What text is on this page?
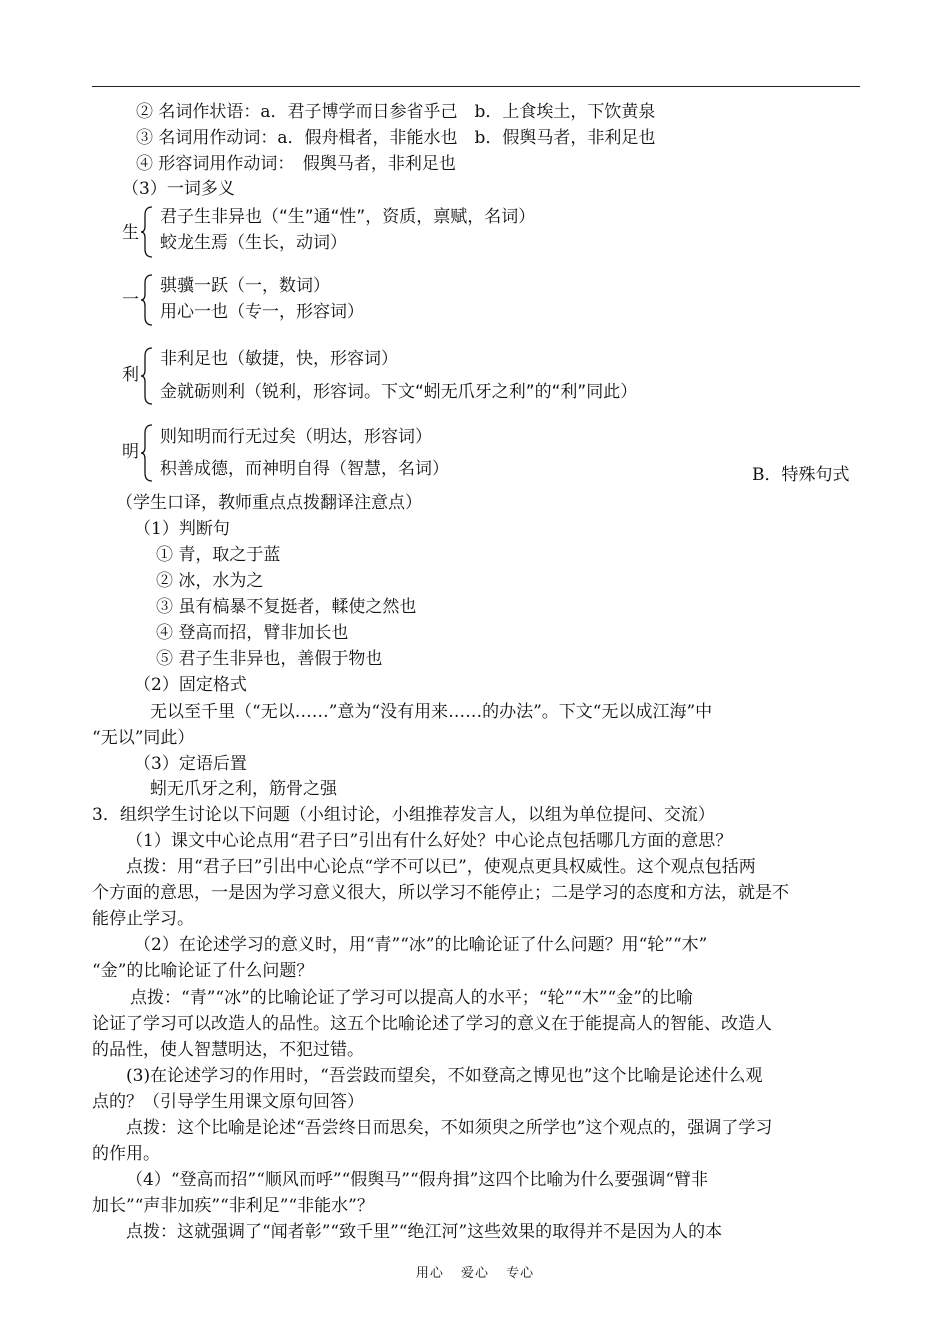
② 名词作状语：a．君子博学而日参省乎己　b．上食埃土，下饮黄泉
③ 名词用作动词：a．假舟楫者，非能水也　b．假舆马者，非利足也
④ 形容词用作动词：　假舆马者，非利足也
（3）一词多义
生
君子生非异也（“生”通“性”，资质，禀赋，名词）
蛟龙生焉（生长，动词）
一
骐骥一跃（一，数词）
用心一也（专一，形容词）
利
非利足也（敏捷，快，形容词）
金就砺则利（锐利，形容词。下文“蚓无爪牙之利”的“利”同此）
明
则知明而行无过矣（明达，形容词）
积善成德，而神明自得（智慧，名词）	B．特殊句式
（学生口译，教师重点点拨翻译注意点）
（1）判断句
① 青，取之于蓝
② 冰，水为之
③ 虽有槁暴不复挺者，輮使之然也
④ 登高而招，臂非加长也
⑤ 君子生非异也，善假于物也
（2）固定格式
无以至千里（“无以……”意为“没有用来……的办法”。下文“无以成江海”中
“无以”同此）
（3）定语后置
蚓无爪牙之利，筋骨之强
3．组织学生讨论以下问题（小组讨论，小组推荐发言人，以组为单位提问、交流）
（1）课文中心论点用“君子曰”引出有什么好处？中心论点包括哪几方面的意思？
点拨：用“君子曰”引出中心论点“学不可以已”，使观点更具权威性。这个观点包括两
个方面的意思，一是因为学习意义很大，所以学习不能停止；二是学习的态度和方法，就是不
能停止学习。
（2）在论述学习的意义时，用“青”“冰”的比喻论证了什么问题？用“轮”“木”
“金”的比喻论证了什么问题？
点拨：“青”“冰”的比喻论证了学习可以提高人的水平；“轮”“木”“金”的比喻
论证了学习可以改造人的品性。这五个比喻论述了学习的意义在于能提高人的智能、改造人
的品性，使人智慧明达，不犯过错。
(3)在论述学习的作用时，“吾尝跂而望矣，不如登高之博见也”这个比喻是论述什么观
点的？（引导学生用课文原句回答）
点拨：这个比喻是论述“吾尝终日而思矣，不如须臾之所学也”这个观点的，强调了学习
的作用。
（4）“登高而招”“顺风而呼”“假舆马”“假舟揖”这四个比喻为什么要强调“臂非
加长”“声非加疾”“非利足”“非能水”？
点拨：这就强调了“闻者彰”“致千里”“绝江河”这些效果的取得并不是因为人的本
用心 爱心 专心
